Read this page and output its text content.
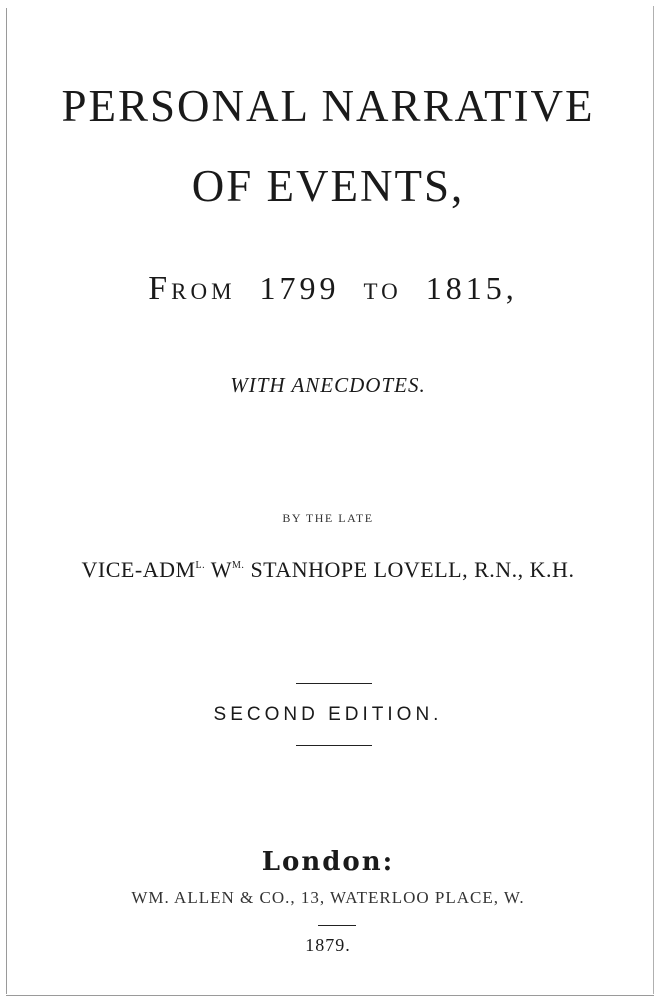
PERSONAL NARRATIVE
OF EVENTS,
FROM 1799 TO 1815,
WITH ANECDOTES.
BY THE LATE
VICE-$ADM^{L.}$ $W^{M.}$ STANHOPE LOVELL, R.N., K.H.
SECOND EDITION.
London:
WM. ALLEN & CO., 13, WATERLOO PLACE, W.
1879.
